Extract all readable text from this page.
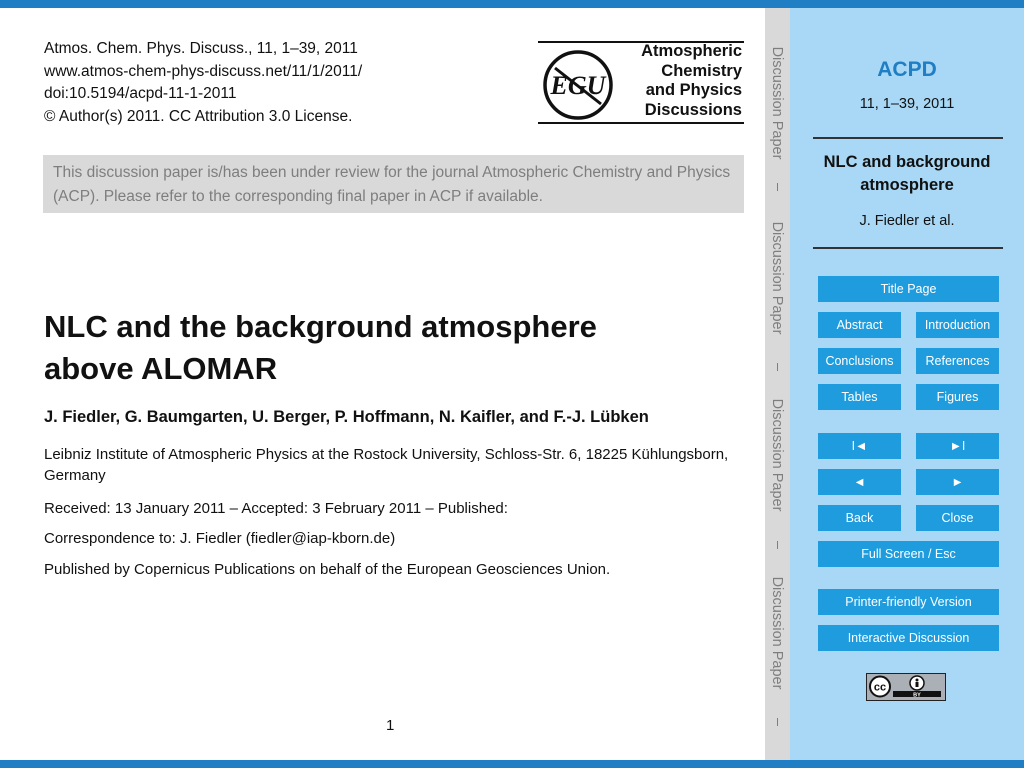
Atmos. Chem. Phys. Discuss., 11, 1–39, 2011
www.atmos-chem-phys-discuss.net/11/1/2011/
doi:10.5194/acpd-11-1-2011
© Author(s) 2011. CC Attribution 3.0 License.
EGU
Atmospheric
Chemistry
and Physics
Discussions
This discussion paper is/has been under review for the journal Atmospheric Chemistry and Physics (ACP). Please refer to the corresponding final paper in ACP if available.
NLC and the background atmosphere
above ALOMAR
J. Fiedler, G. Baumgarten, U. Berger, P. Hoffmann, N. Kaifler, and F.-J. Lübken
Leibniz Institute of Atmospheric Physics at the Rostock University, Schloss-Str. 6, 18225 Kühlungsborn, Germany
Received: 13 January 2011 – Accepted: 3 February 2011 – Published:
Correspondence to: J. Fiedler (fiedler@iap-kborn.de)
Published by Copernicus Publications on behalf of the European Geosciences Union.
1
Discussion Paper
Discussion Paper
Discussion Paper
Discussion Paper
ACPD
11, 1–39, 2011
NLC and background atmosphere
J. Fiedler et al.
Title Page
Abstract	Introduction
Conclusions	References
Tables	Figures
I◄	►I
◄	►
Back	Close
Full Screen / Esc
Printer-friendly Version
Interactive Discussion
cc
BY
